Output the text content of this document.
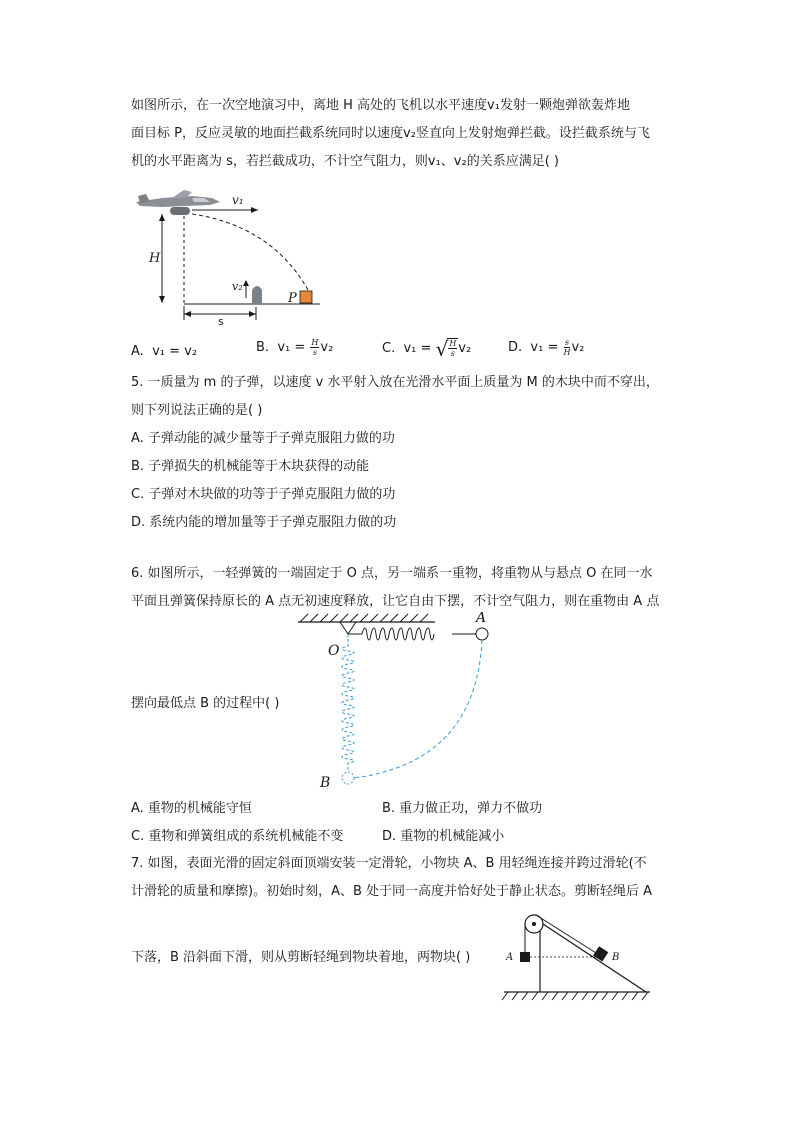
如图所示，在一次空地演习中，离地 H 高处的飞机以水平速度v₁发射一颗炮弹欲轰炸地
面目标 P，反应灵敏的地面拦截系统同时以速度v₂竖直向上发射炮弹拦截。设拦截系统与飞
机的水平距离为 s，若拦截成功，不计空气阻力，则v₁、v₂的关系应满足( )
v₁
H
v₂
P
s
A. v₁ = v₂	B. $v_1 = \frac{H}{s} v_2$	C. v₁ = √ $\frac{H}{s} v_2$	D. $v_1 = \frac{s}{H} v_2$
5. 一质量为 m 的子弹，以速度 v 水平射入放在光滑水平面上质量为 M 的木块中而不穿出，
则下列说法正确的是( )
A. 子弹动能的减少量等于子弹克服阻力做的功
B. 子弹损失的机械能等于木块获得的动能
C. 子弹对木块做的功等于子弹克服阻力做的功
D. 系统内能的增加量等于子弹克服阻力做的功
6. 如图所示，一轻弹簧的一端固定于 O 点，另一端系一重物，将重物从与悬点 O 在同一水
平面且弹簧保持原长的 A 点无初速度释放，让它自由下摆，不计空气阻力，则在重物由 A 点
O
A
B
摆向最低点 B 的过程中( )
A. 重物的机械能守恒	B. 重力做正功，弹力不做功
C. 重物和弹簧组成的系统机械能不变	D. 重物的机械能减小
7. 如图，表面光滑的固定斜面顶端安装一定滑轮，小物块 A、B 用轻绳连接并跨过滑轮(不
计滑轮的质量和摩擦)。初始时刻，A、B 处于同一高度并恰好处于静止状态。剪断轻绳后 A
A	B
下落，B 沿斜面下滑，则从剪断轻绳到物块着地，两物块( )
